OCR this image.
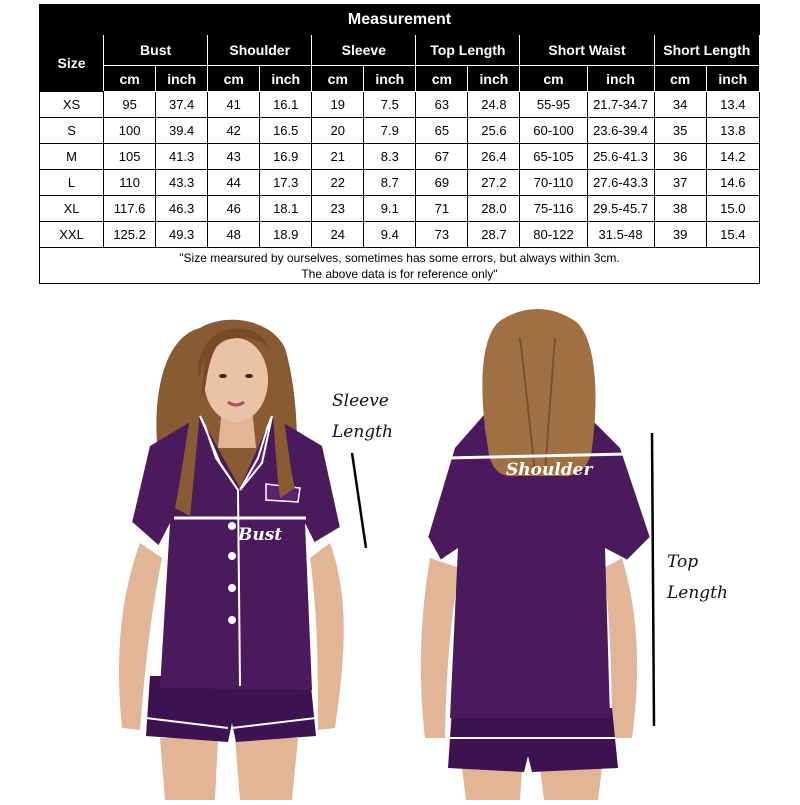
Measurement												
Size	Bust		Shoulder		Sleeve		Top Length		Short Waist		Short Length	
	cm	inch	cm	inch	cm	inch	cm	inch	cm	inch	cm	inch
XS	95	37.4	41	16.1	19	7.5	63	24.8	55-95	21.7-34.7	34	13.4
S	100	39.4	42	16.5	20	7.9	65	25.6	60-100	23.6-39.4	35	13.8
M	105	41.3	43	16.9	21	8.3	67	26.4	65-105	25.6-41.3	36	14.2
L	110	43.3	44	17.3	22	8.7	69	27.2	70-110	27.6-43.3	37	14.6
XL	117.6	46.3	46	18.1	23	9.1	71	28.0	75-116	29.5-45.7	38	15.0
XXL	125.2	49.3	48	18.9	24	9.4	73	28.7	80-122	31.5-48	39	15.4

"Size mearsured by ourselves, sometimes has some errors, but always within 3cm.
The above data is for reference only"												
Sleeve
Length
Bust
Shoulder
Top
Length
